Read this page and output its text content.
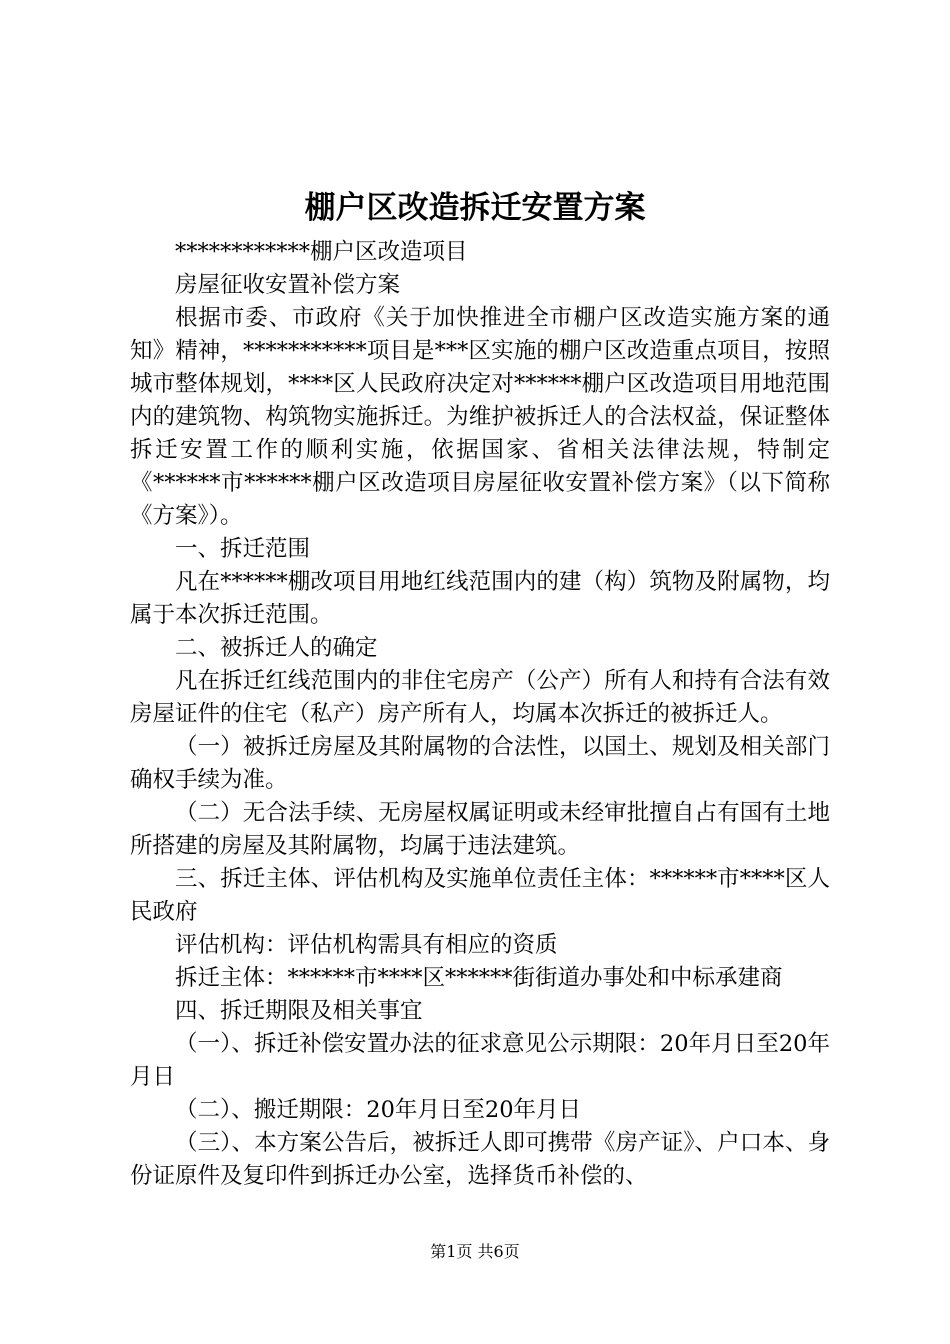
棚户区改造拆迁安置方案

************棚户区改造项目

房屋征收安置补偿方案

根据市委、市政府《关于加快推进全市棚户区改造实施方案的通知》精神，***********项目是***区实施的棚户区改造重点项目，按照城市整体规划，****区人民政府决定对******棚户区改造项目用地范围内的建筑物、构筑物实施拆迁。为维护被拆迁人的合法权益，保证整体拆迁安置工作的顺利实施，依据国家、省相关法律法规，特制定《******市******棚户区改造项目房屋征收安置补偿方案》（以下简称《方案》）。

一、拆迁范围

凡在******棚改项目用地红线范围内的建（构）筑物及附属物，均属于本次拆迁范围。

二、被拆迁人的确定

凡在拆迁红线范围内的非住宅房产（公产）所有人和持有合法有效房屋证件的住宅（私产）房产所有人，均属本次拆迁的被拆迁人。

（一）被拆迁房屋及其附属物的合法性，以国土、规划及相关部门确权手续为准。

（二）无合法手续、无房屋权属证明或未经审批擅自占有国有土地所搭建的房屋及其附属物，均属于违法建筑。

三、拆迁主体、评估机构及实施单位责任主体：******市****区人民政府

评估机构：评估机构需具有相应的资质

拆迁主体：******市****区******街街道办事处和中标承建商

四、拆迁期限及相关事宜

（一）、拆迁补偿安置办法的征求意见公示期限：20年月日至20年月日

（二）、搬迁期限：20年月日至20年月日

（三）、本方案公告后，被拆迁人即可携带《房产证》、户口本、身份证原件及复印件到拆迁办公室，选择货币补偿的、

第1页 共6页
